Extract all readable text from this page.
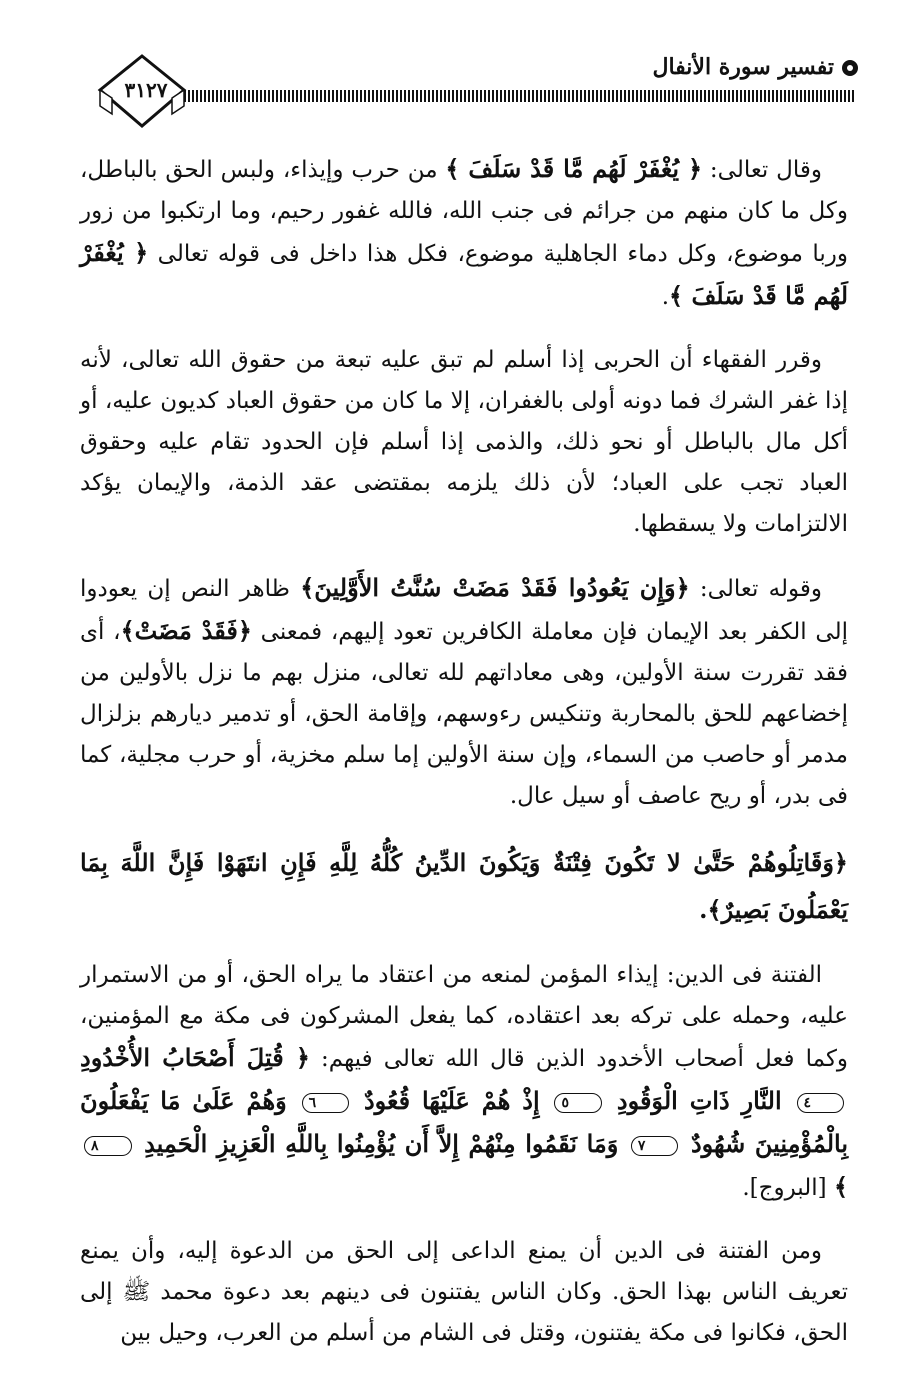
تفسير سورة الأنفال
٣١٢٧

وقال تعالى: ﴿ يُغْفَرْ لَهُم مَّا قَدْ سَلَفَ ﴾ من حرب وإيذاء، ولبس الحق بالباطل، وكل ما كان منهم من جرائم فى جنب الله، فالله غفور رحيم، وما ارتكبوا من زور وربا موضوع، وكل دماء الجاهلية موضوع، فكل هذا داخل فى قوله تعالى ﴿ يُغْفَرْ لَهُم مَّا قَدْ سَلَفَ ﴾.

وقرر الفقهاء أن الحربى إذا أسلم لم تبق عليه تبعة من حقوق الله تعالى، لأنه إذا غفر الشرك فما دونه أولى بالغفران، إلا ما كان من حقوق العباد كديون عليه، أو أكل مال بالباطل أو نحو ذلك، والذمى إذا أسلم فإن الحدود تقام عليه وحقوق العباد تجب على العباد؛ لأن ذلك يلزمه بمقتضى عقد الذمة، والإيمان يؤكد الالتزامات ولا يسقطها.

وقوله تعالى: ﴿وَإِن يَعُودُوا فَقَدْ مَضَتْ سُنَّتُ الأَوَّلِينَ﴾ ظاهر النص إن يعودوا إلى الكفر بعد الإيمان فإن معاملة الكافرين تعود إليهم، فمعنى ﴿فَقَدْ مَضَتْ﴾، أى فقد تقررت سنة الأولين، وهى معاداتهم لله تعالى، منزل بهم ما نزل بالأولين من إخضاعهم للحق بالمحاربة وتنكيس رءوسهم، وإقامة الحق، أو تدمير ديارهم بزلزال مدمر أو حاصب من السماء، وإن سنة الأولين إما سلم مخزية، أو حرب مجلية، كما فى بدر، أو ريح عاصف أو سيل عال.

﴿وَقَاتِلُوهُمْ حَتَّىٰ لا تَكُونَ فِتْنَةٌ وَيَكُونَ الدِّينُ كُلُّهُ لِلَّهِ فَإِنِ انتَهَوْا فَإِنَّ اللَّهَ بِمَا يَعْمَلُونَ بَصِيرٌ﴾.

الفتنة فى الدين: إيذاء المؤمن لمنعه من اعتقاد ما يراه الحق، أو من الاستمرار عليه، وحمله على تركه بعد اعتقاده، كما يفعل المشركون فى مكة مع المؤمنين، وكما فعل أصحاب الأخدود الذين قال الله تعالى فيهم: ﴿ قُتِلَ أَصْحَابُ الأُخْدُودِ ٤ النَّارِ ذَاتِ الْوَقُودِ ٥ إِذْ هُمْ عَلَيْهَا قُعُودٌ ٦ وَهُمْ عَلَىٰ مَا يَفْعَلُونَ بِالْمُؤْمِنِينَ شُهُودٌ ٧ وَمَا نَقَمُوا مِنْهُمْ إِلاَّ أَن يُؤْمِنُوا بِاللَّهِ الْعَزِيزِ الْحَمِيدِ ٨ ﴾ [البروج].

ومن الفتنة فى الدين أن يمنع الداعى إلى الحق من الدعوة إليه، وأن يمنع تعريف الناس بهذا الحق. وكان الناس يفتنون فى دينهم بعد دعوة محمد ﷺ إلى الحق، فكانوا فى مكة يفتنون، وقتل فى الشام من أسلم من العرب، وحيل بين
